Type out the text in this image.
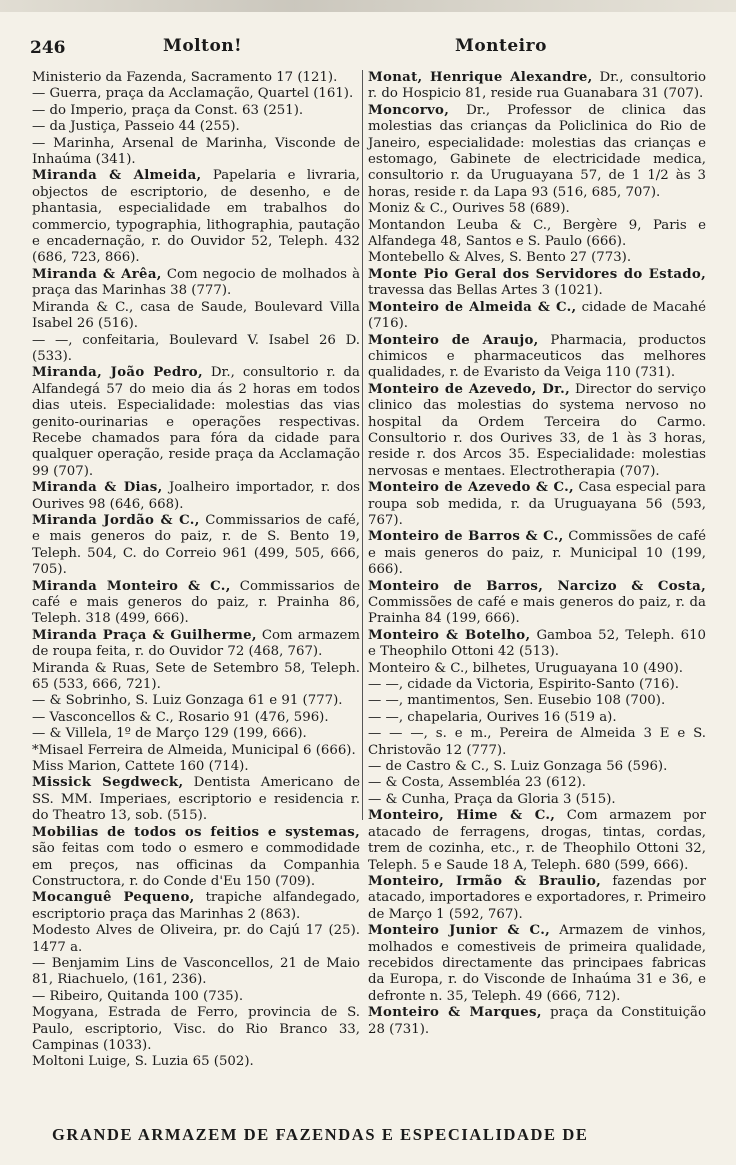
246	Molton!	Monteiro
Ministerio da Fazenda, Sacramento 17 (121).
— Guerra, praça da Acclamação, Quartel (161).
— do Imperio, praça da Const. 63 (251).
— da Justiça, Passeio 44 (255).
— Marinha, Arsenal de Marinha, Visconde de Inhaúma (341).
Miranda & Almeida, Papelaria e livraria, objectos de escriptorio, de desenho, e de phantasia, especialidade em trabalhos do commercio, typographia, lithographia, pautação e encadernação, r. do Ouvidor 52, Teleph. 432 (686, 723, 866).
Miranda & Arêa, Com negocio de molhados à praça das Marinhas 38 (777).
Miranda & C., casa de Saude, Boulevard Villa Isabel 26 (516).
— —, confeitaria, Boulevard V. Isabel 26 D. (533).
Miranda, João Pedro, Dr., consultorio r. da Alfandegá 57 do meio dia ás 2 horas em todos dias uteis. Especialidade: molestias das vias genito-ourinarias e operações respectivas. Recebe chamados para fóra da cidade para qualquer operação, reside praça da Acclamação 99 (707).
Miranda & Dias, Joalheiro importador, r. dos Ourives 98 (646, 668).
Miranda Jordão & C., Commissarios de café, e mais generos do paiz, r. de S. Bento 19, Teleph. 504, C. do Correio 961 (499, 505, 666, 705).
Miranda Monteiro & C., Commissarios de café e mais generos do paiz, r. Prainha 86, Teleph. 318 (499, 666).
Miranda Praça & Guilherme, Com armazem de roupa feita, r. do Ouvidor 72 (468, 767).
Miranda & Ruas, Sete de Setembro 58, Teleph. 65 (533, 666, 721).
— & Sobrinho, S. Luiz Gonzaga 61 e 91 (777).
— Vasconcellos & C., Rosario 91 (476, 596).
— & Villela, 1º de Março 129 (199, 666).
*Misael Ferreira de Almeida, Municipal 6 (666).
Miss Marion, Cattete 160 (714).
Missick Segdweck, Dentista Americano de SS. MM. Imperiaes, escriptorio e residencia r. do Theatro 13, sob. (515).
Mobilias de todos os feitios e systemas, são feitas com todo o esmero e commodidade em preços, nas officinas da Companhia Constructora, r. do Conde d'Eu 150 (709).
Mocanguê Pequeno, trapiche alfandegado, escriptorio praça das Marinhas 2 (863).
Modesto Alves de Oliveira, pr. do Cajú 17 (25). 1477 a.
— Benjamim Lins de Vasconcellos, 21 de Maio 81, Riachuelo, (161, 236).
— Ribeiro, Quitanda 100 (735).
Mogyana, Estrada de Ferro, provincia de S. Paulo, escriptorio, Visc. do Rio Branco 33, Campinas (1033).
Moltoni Luige, S. Luzia 65 (502).
Monat, Henrique Alexandre, Dr., consultorio r. do Hospicio 81, reside rua Guanabara 31 (707).
Moncorvo, Dr., Professor de clinica das molestias das crianças da Policlinica do Rio de Janeiro, especialidade: molestias das crianças e estomago, Gabinete de electricidade medica, consultorio r. da Uruguayana 57, de 1 1/2 às 3 horas, reside r. da Lapa 93 (516, 685, 707).
Moniz & C., Ourives 58 (689).
Montandon Leuba & C., Bergère 9, Paris e Alfandega 48, Santos e S. Paulo (666).
Montebello & Alves, S. Bento 27 (773).
Monte Pio Geral dos Servidores do Estado, travessa das Bellas Artes 3 (1021).
Monteiro de Almeida & C., cidade de Macahé (716).
Monteiro de Araujo, Pharmacia, productos chimicos e pharmaceuticos das melhores qualidades, r. de Evaristo da Veiga 110 (731).
Monteiro de Azevedo, Dr., Director do serviço clinico das molestias do systema nervoso no hospital da Ordem Terceira do Carmo. Consultorio r. dos Ourives 33, de 1 às 3 horas, reside r. dos Arcos 35. Especialidade: molestias nervosas e mentaes. Electrotherapia (707).
Monteiro de Azevedo & C., Casa especial para roupa sob medida, r. da Uruguayana 56 (593, 767).
Monteiro de Barros & C., Commissões de café e mais generos do paiz, r. Municipal 10 (199, 666).
Monteiro de Barros, Narcizo & Costa, Commissões de café e mais generos do paiz, r. da Prainha 84 (199, 666).
Monteiro & Botelho, Gamboa 52, Teleph. 610 e Theophilo Ottoni 42 (513).
Monteiro & C., bilhetes, Uruguayana 10 (490).
— —, cidade da Victoria, Espirito-Santo (716).
— —, mantimentos, Sen. Eusebio 108 (700).
— —, chapelaria, Ourives 16 (519 a).
— — —, s. e m., Pereira de Almeida 3 E e S. Christovão 12 (777).
— de Castro & C., S. Luiz Gonzaga 56 (596).
— & Costa, Assembléa 23 (612).
— & Cunha, Praça da Gloria 3 (515).
Monteiro, Hime & C., Com armazem por atacado de ferragens, drogas, tintas, cordas, trem de cozinha, etc., r. de Theophilo Ottoni 32, Teleph. 5 e Saude 18 A, Teleph. 680 (599, 666).
Monteiro, Irmão & Braulio, fazendas por atacado, importadores e exportadores, r. Primeiro de Março 1 (592, 767).
Monteiro Junior & C., Armazem de vinhos, molhados e comestiveis de primeira qualidade, recebidos directamente das principaes fabricas da Europa, r. do Visconde de Inhaúma 31 e 36, e defronte n. 35, Teleph. 49 (666, 712).
Monteiro & Marques, praça da Constituição 28 (731).
GRANDE ARMAZEM DE FAZENDAS E ESPECIALIDADE DE
